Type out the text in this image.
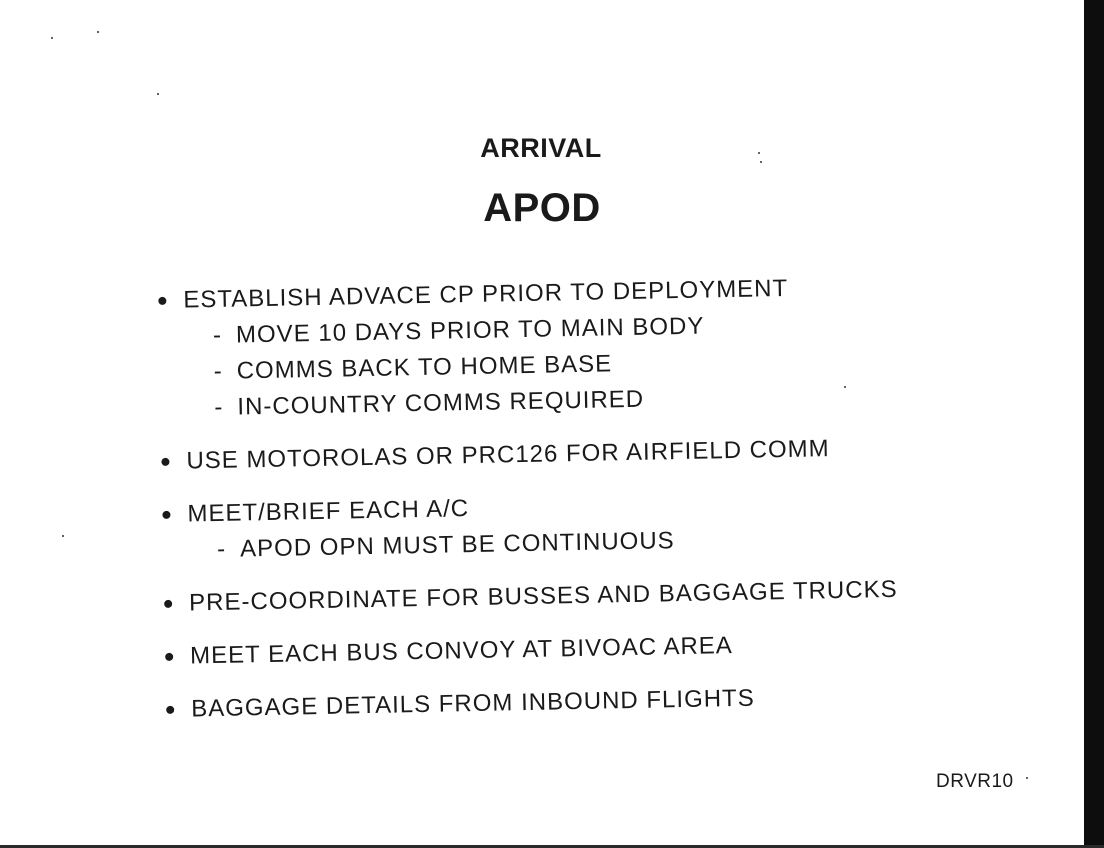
ARRIVAL
APOD
ESTABLISH ADVACE CP PRIOR TO DEPLOYMENT
- MOVE 10 DAYS PRIOR TO MAIN BODY
- COMMS BACK TO HOME BASE
- IN-COUNTRY COMMS REQUIRED
USE MOTOROLAS OR PRC126 FOR AIRFIELD COMM
MEET/BRIEF EACH A/C
- APOD OPN MUST BE CONTINUOUS
PRE-COORDINATE FOR BUSSES AND BAGGAGE TRUCKS
MEET EACH BUS CONVOY AT BIVOAC AREA
BAGGAGE DETAILS FROM INBOUND FLIGHTS
DRVR10
